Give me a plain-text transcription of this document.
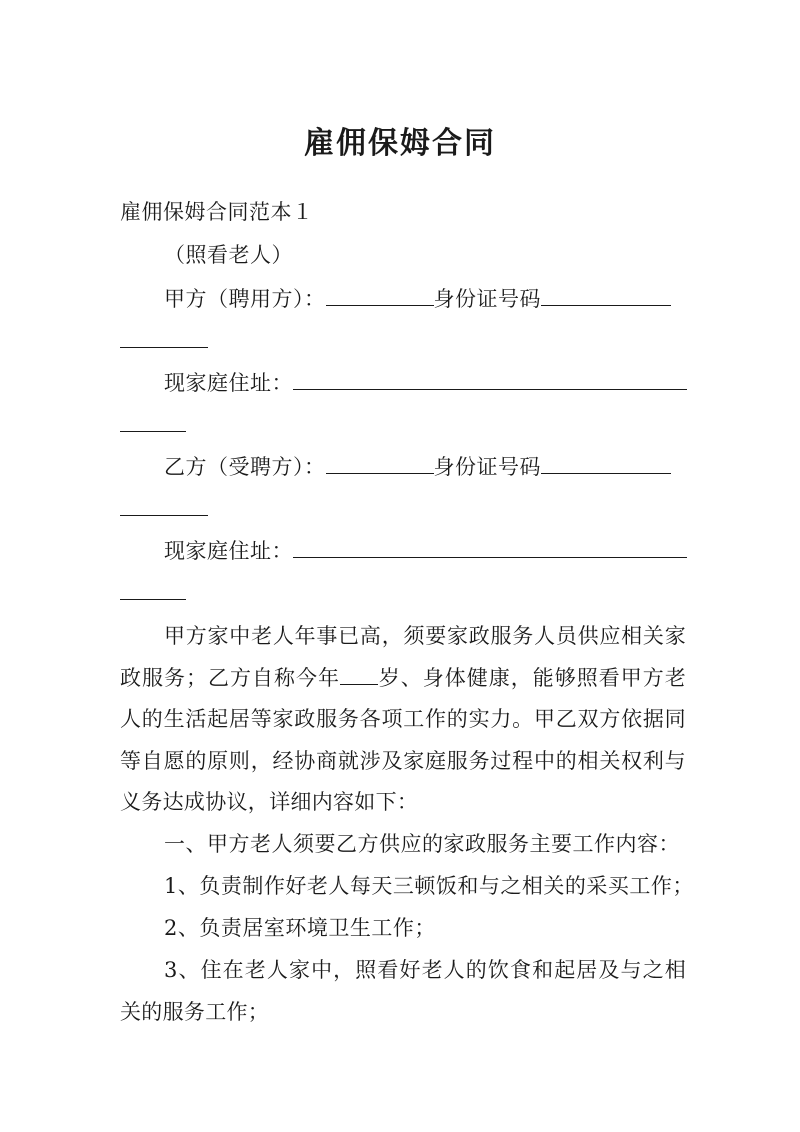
雇佣保姆合同
雇佣保姆合同范本１
（照看老人）
甲方（聘用方）：	身份证号码
现家庭住址：
乙方（受聘方）：	身份证号码
现家庭住址：
甲方家中老人年事已高，须要家政服务人员供应相关家政服务；乙方自称今年 岁、身体健康，能够照看甲方老人的生活起居等家政服务各项工作的实力。甲乙双方依据同等自愿的原则，经协商就涉及家庭服务过程中的相关权利与义务达成协议，详细内容如下：
一、甲方老人须要乙方供应的家政服务主要工作内容：
1、负责制作好老人每天三顿饭和与之相关的采买工作；
2、负责居室环境卫生工作；
3、住在老人家中，照看好老人的饮食和起居及与之相关的服务工作；
